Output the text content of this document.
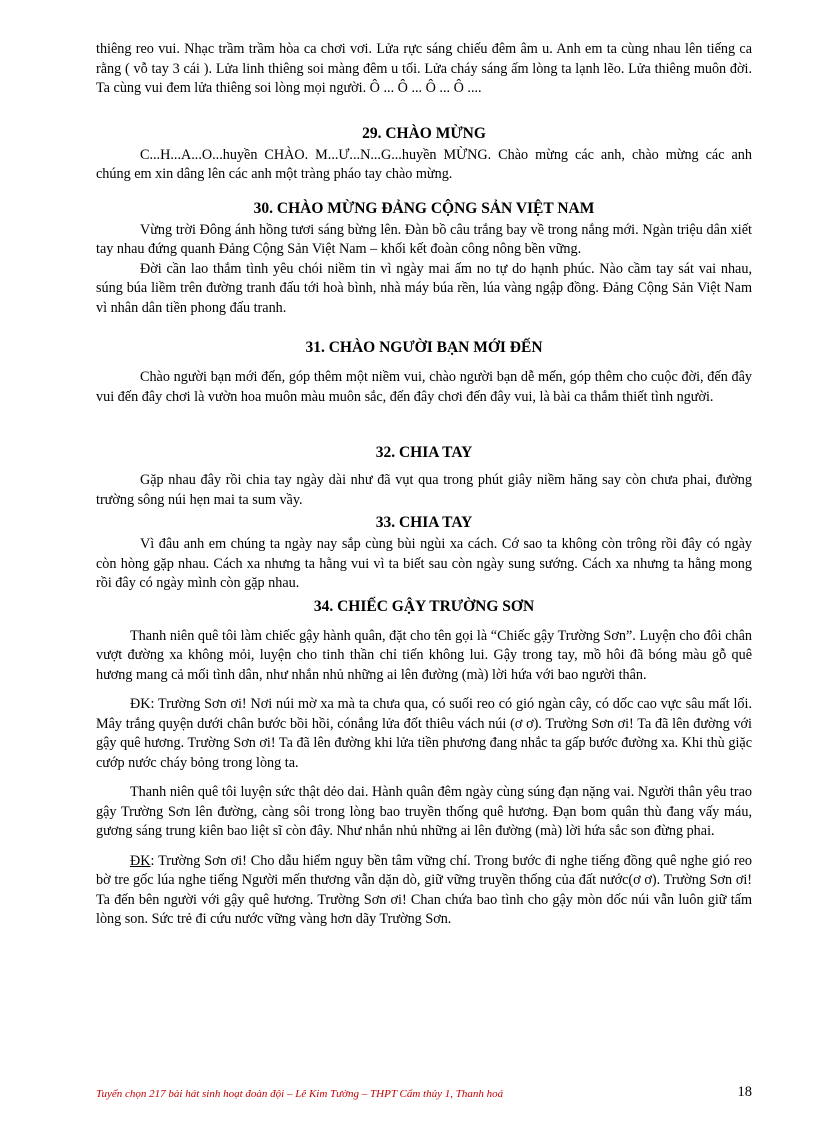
thiêng reo vui. Nhạc trầm trầm hòa ca chơi vơi. Lửa rực sáng chiếu đêm âm u. Anh em ta cùng nhau lên tiếng ca rằng ( vỗ tay 3 cái ). Lửa linh thiêng soi màng đêm u tối. Lửa cháy sáng ấm lòng ta lạnh lẽo. Lửa thiêng muôn đời. Ta cùng vui đem lửa thiêng soi lòng mọi người. Ô ... Ô ... Ô ... Ô ....

29. CHÀO MỪNG

C...H...A...O...huyền CHÀO. M...Ư...N...G...huyền MỪNG. Chào mừng các anh, chào mừng các anh chúng em xin dâng lên các anh một tràng pháo tay chào mừng.

30. CHÀO MỪNG ĐẢNG CỘNG SẢN VIỆT NAM

Vừng trời Đông ánh hồng tươi sáng bừng lên. Đàn bồ câu trắng bay về trong nắng mới. Ngàn triệu dân xiết tay nhau đứng quanh Đảng Cộng Sản Việt Nam – khối kết đoàn công nông bền vững.

Đời cần lao thắm tình yêu chói niềm tin vì ngày mai ấm no tự do hạnh phúc. Nào cầm tay sát vai nhau, súng búa liềm trên đường tranh đấu tới hoà bình, nhà máy búa rền, lúa vàng ngập đồng. Đảng Cộng Sản Việt Nam vì nhân dân tiền phong đấu tranh.

31. CHÀO NGƯỜI BẠN MỚI ĐẾN

Chào người bạn mới đến, góp thêm một niềm vui, chào người bạn dễ mến, góp thêm cho cuộc đời, đến đây vui đến đây chơi là vườn hoa muôn màu muôn sắc, đến đây chơi đến đây vui, là bài ca thắm thiết tình người.

32. CHIA TAY

Gặp nhau đây rồi chia tay ngày dài như đã vụt qua trong phút giây niềm hăng say còn chưa phai, đường trường sông núi hẹn mai ta sum vầy.

33. CHIA TAY

Vì đâu anh em chúng ta ngày nay sắp cùng bùi ngùi xa cách. Cớ sao ta không còn trông rồi đây có ngày còn hòng gặp nhau. Cách xa nhưng ta hằng vui vì ta biết sau còn ngày sung sướng. Cách xa nhưng ta hằng mong rồi đây có ngày mình còn gặp nhau.

34. CHIẾC GẬY TRƯỜNG SƠN

Thanh niên quê tôi làm chiếc gậy hành quân, đặt cho tên gọi là “Chiếc gậy Trường Sơn”. Luyện cho đôi chân vượt đường xa không mỏi, luyện cho tinh thần chỉ tiến không lui. Gậy trong tay, mồ hôi đã bóng màu gỗ quê hương mang cả mối tình dân, như nhắn nhủ những ai lên đường (mà) lời hứa với bao người thân.

ĐK: Trường Sơn ơi! Nơi núi mờ xa mà ta chưa qua, có suối reo có gió ngàn cây, có dốc cao vực sâu mất lối. Mây trắng quyện dưới chân bước bồi hồi, cónắng lửa đốt thiêu vách núi (ơ ơ). Trường Sơn ơi! Ta đã lên đường với gậy quê hương. Trường Sơn ơi! Ta đã lên đường khi lửa tiền phương đang nhắc ta gấp bước đường xa. Khi thù giặc cướp nước cháy bỏng trong lòng ta.

Thanh niên quê tôi luyện sức thật dẻo dai. Hành quân đêm ngày cùng súng đạn nặng vai. Người thân yêu trao gậy Trường Sơn lên đường, càng sôi trong lòng bao truyền thống quê hương. Đạn bom quân thù đang vấy máu, gương sáng trung kiên bao liệt sĩ còn đây. Như nhắn nhủ những ai lên đường (mà) lời hứa sắc son đừng phai.

ĐK: Trường Sơn ơi! Cho dẫu hiểm nguy bền tâm vững chí. Trong bước đi nghe tiếng đồng quê nghe gió reo bờ tre gốc lúa nghe tiếng Người mến thương vẫn dặn dò, giữ vững truyền thống của đất nước(ơ ơ). Trường Sơn ơi! Ta đến bên người với gậy quê hương. Trường Sơn ơi! Chan chứa bao tình cho gậy mòn dốc núi vẫn luôn giữ tấm lòng son. Sức trẻ đi cứu nước vững vàng hơn dãy Trường Sơn.

Tuyển chọn 217 bài hát sinh hoạt đoàn đội – Lê Kim Tường – THPT Cẩm thủy 1, Thanh hoá	18
